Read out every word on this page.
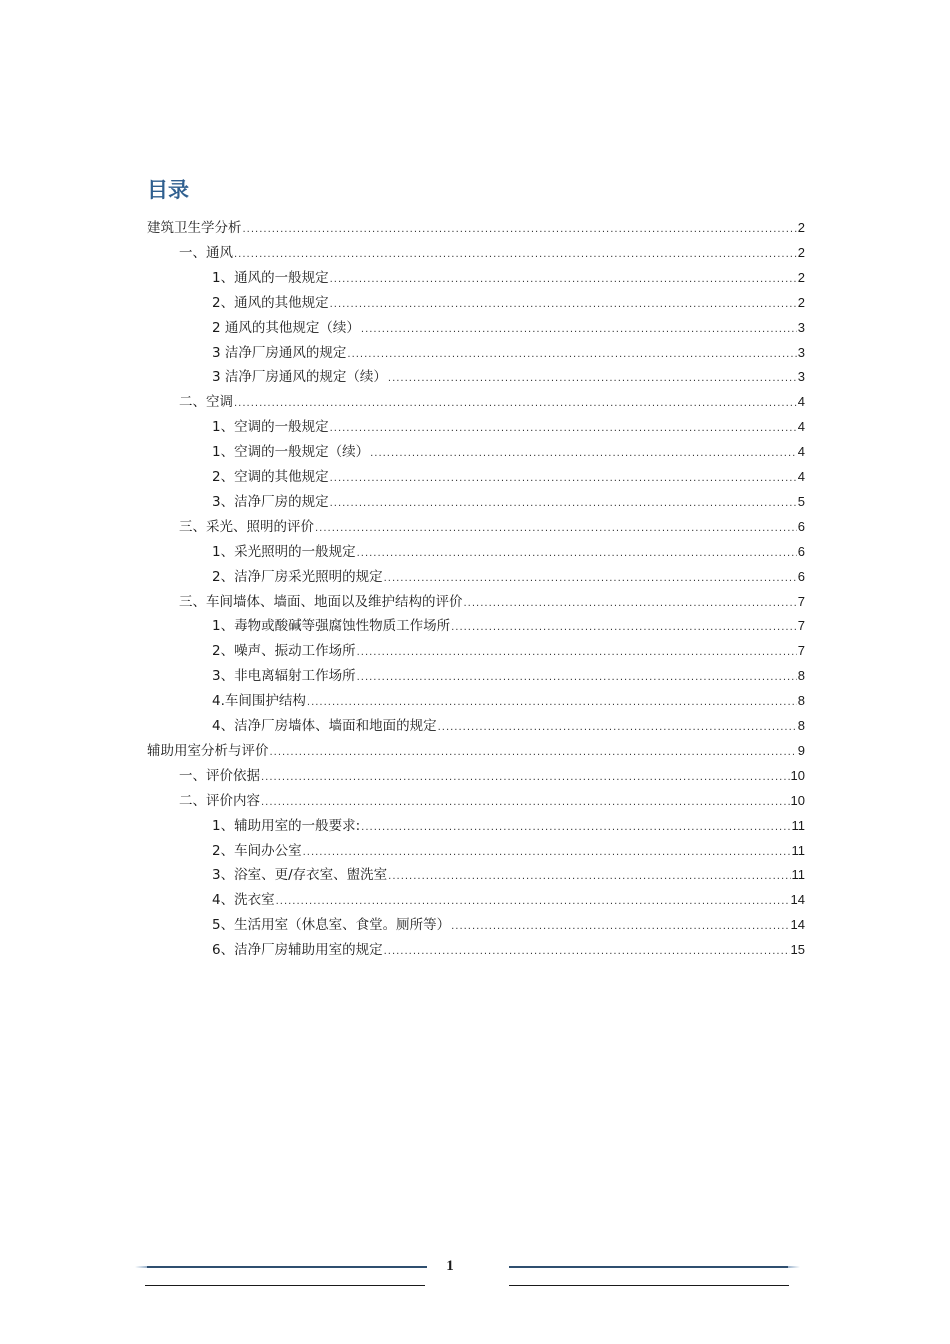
目录
建筑卫生学分析 .....	2
一、 通风 .....	2
1、通风的一般规定 .....	2
2、通风的其他规定 .....	2
2 通风的其他规定（续） .....	3
3 洁净厂房通风的规定 .....	3
3 洁净厂房通风的规定（续） .....	3
二、 空调 .....	4
1、 空调的一般规定 .....	4
1、 空调的一般规定（续） .....	4
2、 空调的其他规定 .....	4
3、 洁净厂房的规定 .....	5
三、采光、照明的评价 .....	6
1、 采光照明的一般规定 .....	6
2、 洁净厂房采光照明的规定 .....	6
三、 车间墙体、墙面、地面以及维护结构的评价 .....	7
1、 毒物或酸碱等强腐蚀性物质工作场所 .....	7
2、 噪声、振动工作场所 .....	7
3、 非电离辐射工作场所 .....	8
4.车间围护结构 .....	8
4、 洁净厂房墙体、墙面和地面的规定 .....	8
辅助用室分析与评价 .....	9
一、 评价依据 .....	10
二、 评价内容 .....	10
1、 辅助用室的一般要求: .....	11
2、 车间办公室 .....	11
3、 浴室、更/存衣室、盥洗室 .....	11
4、 洗衣室 .....	14
5、 生活用室（休息室、食堂。厕所等） .....	14
6、 洁净厂房辅助用室的规定 .....	15
1
